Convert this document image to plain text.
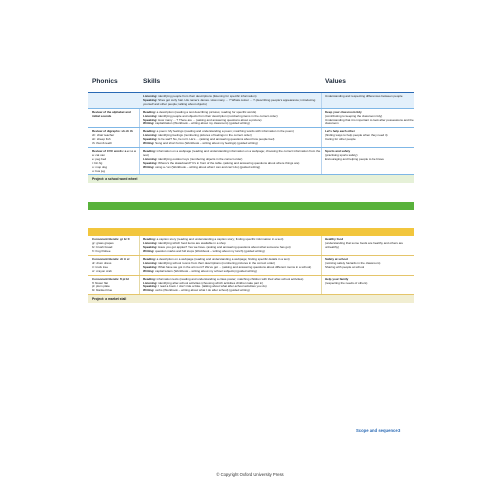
Phonics	Skills	Values
Listening: identifying people from their descriptions (listening for specific information)
Speaking: Shes got curly hair. His name's James. How many ... ? Whats colour ... ? (describing people's appearance; introducing yourself and other people; talking about objects)
Understanding and respecting differences between people
Review of the alphabet and initial sounds
Reading: a description (reading a text describing pictures; reading for specific words)
Listening: identifying people and objects from their description (numbering items in the correct order)
Speaking: How many ... ? There are ... (asking and answering questions about a picture)
Writing: capitalization (Workbook – writing about my classroom) (guided writing)
Keep your classroom tidy
(contributing to keeping the classroom tidy)
Understanding that it is important to look after possessions and the classroom
Review of digraphs: sh ch th
ch: chair teacher
sh: sheep fish
th: thumb teeth
Reading: a poem: My feelings (reading and understanding a poem; matching words with information in the poem)
Listening: identifying feelings (numbering pictures of feelings in the correct order)
Speaking: Is he sad? No, he isn't. He's ... (asking and answering questions about how people feel)
Writing: Song and short forms (Workbook – writing about my feelings) (guided writing)
Let's help each other
(finding ways to help people when they need it)
Caring for other people
Review of CVC words: a e i o u
a: cat van
e: peg bed
i: bin fig
o: mop dog
u: bus jug
Reading: information on a webpage (reading and understanding information on a webpage; choosing the correct information from the text)
Listening: identifying outdoor toys (numbering objects in the correct order)
Speaking: Where's the skateboard? It's in front of the table. (asking and answering questions about where things are)
Writing: using a / an (Workbook – writing about what I can and can't do) (guided writing)
Sports and safety
(practising sports safely)
Encouraging and helping people to be brave
Project: a school word wheel
Consonant blends: gr br fr
gr: grass grapes
br: brush bread
fr: frog frisbee
Reading: a caption story (reading and understanding a caption story; finding specific information in a text)
Listening: identifying which food items are available in a shop
Speaking: Have you got apples? Yes we have. (asking and answering questions about what someone has got)
Writing: question marks and full stops (Workbook – writing about my lunch) (guided writing)
Healthy food
(understanding that some foods are healthy and others are unhealthy)
Consonant blends: dr tr cr
dr: drum dress
tr: truck tree
cr: crayon crab
Reading: a description on a webpage (reading and understanding a webpage; finding specific details in a text)
Listening: identifying school rooms from their descriptions (numbering pictures in the correct order)
Speaking: What have we got in the art room? We've got ... (asking and answering questions about different rooms in a school)
Writing: capital letters (Workbook – writing about my school subjects) (guided writing)
Safety at school
(noticing safety hazards in the classroom)
Sharing with people at school
Consonant blends: fl pl bl
fl: flower flat
pl: plum plate
bl: blanket blue
Reading: information texts (reading and understanding a class poster; matching children with their after-school activities)
Listening: identifying after-school activities (choosing which activities children take part in)
Speaking: I read a book. I don't ride a bike. (talking about what after-school activities you do)
Writing: verbs (Workbook – writing about what I do after school) (guided writing)
Help your family
(respecting the needs of others)
Project: a market stall
Scope and sequence 3
© Copyright Oxford University Press
